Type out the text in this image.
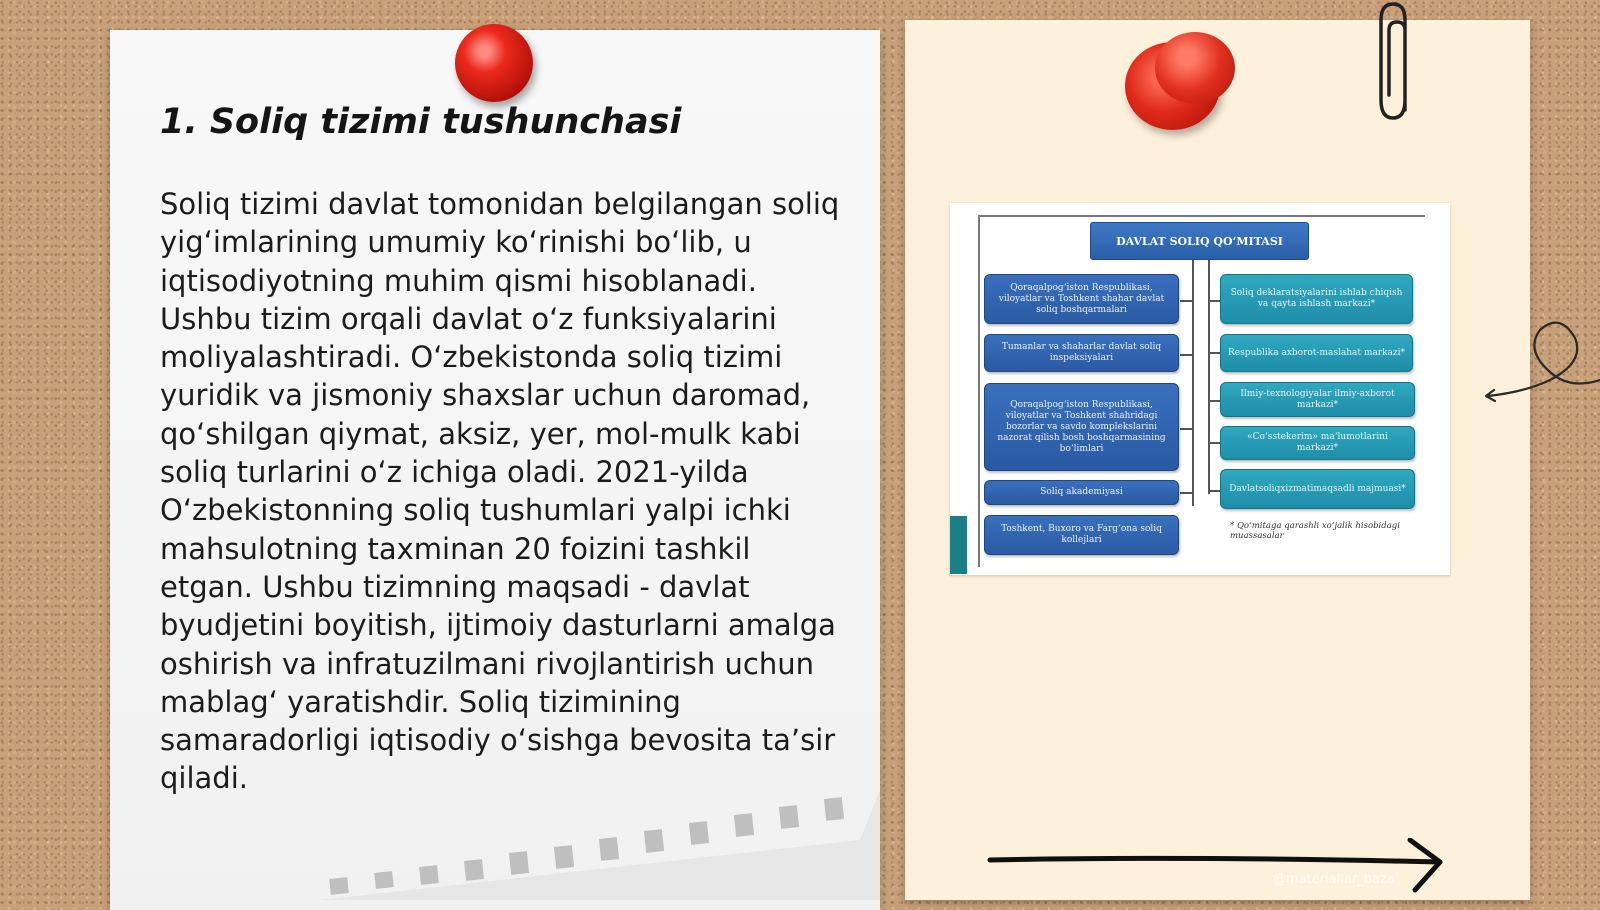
1. Soliq tizimi tushunchasi

Soliq tizimi davlat tomonidan belgilangan soliq yig‘imlarining umumiy ko‘rinishi bo‘lib, u iqtisodiyotning muhim qismi hisoblanadi. Ushbu tizim orqali davlat o‘z funksiyalarini moliyalashtiradi. O‘zbekistonda soliq tizimi yuridik va jismoniy shaxslar uchun daromad, qo‘shilgan qiymat, aksiz, yer, mol-mulk kabi soliq turlarini o‘z ichiga oladi. 2021-yilda O‘zbekistonning soliq tushumlari yalpi ichki mahsulotning taxminan 20 foizini tashkil etgan. Ushbu tizimning maqsadi - davlat byudjetini boyitish, ijtimoiy dasturlarni amalga oshirish va infratuzilmani rivojlantirish uchun mablag‘ yaratishdir. Soliq tizimining samaradorligi iqtisodiy o‘sishga bevosita ta’sir qiladi.

DAVLAT SOLIQ QO‘MITASI
Qoraqalpog‘iston Respublikasi, viloyatlar va Toshkent shahar davlat soliq boshqarmalari
Tumanlar va shaharlar davlat soliq inspeksiyalari
Qoraqalpog‘iston Respublikasi, viloyatlar va Toshkent shahridagi bozorlar va savdo komplekslarini nazorat qilish bosh boshqarmasining bo‘limlari
Soliq akademiyasi
Toshkent, Buxoro va Farg‘ona soliq kollejlari
Soliq deklaratsiyalarini ishlab chiqish va qayta ishlash markazi*
Respublika axborot-maslahat markazi*
Ilmiy-texnologiyalar ilmiy-axborot markazi*
«Co‘sstekerim» ma‘lumotlarini markazi*
Davlatsoliqxizmatimaqsadli majmuasi*
* Qo‘mitaga qarashli xo‘jalik hisobidagi muassasalar
@materiallar_baza
